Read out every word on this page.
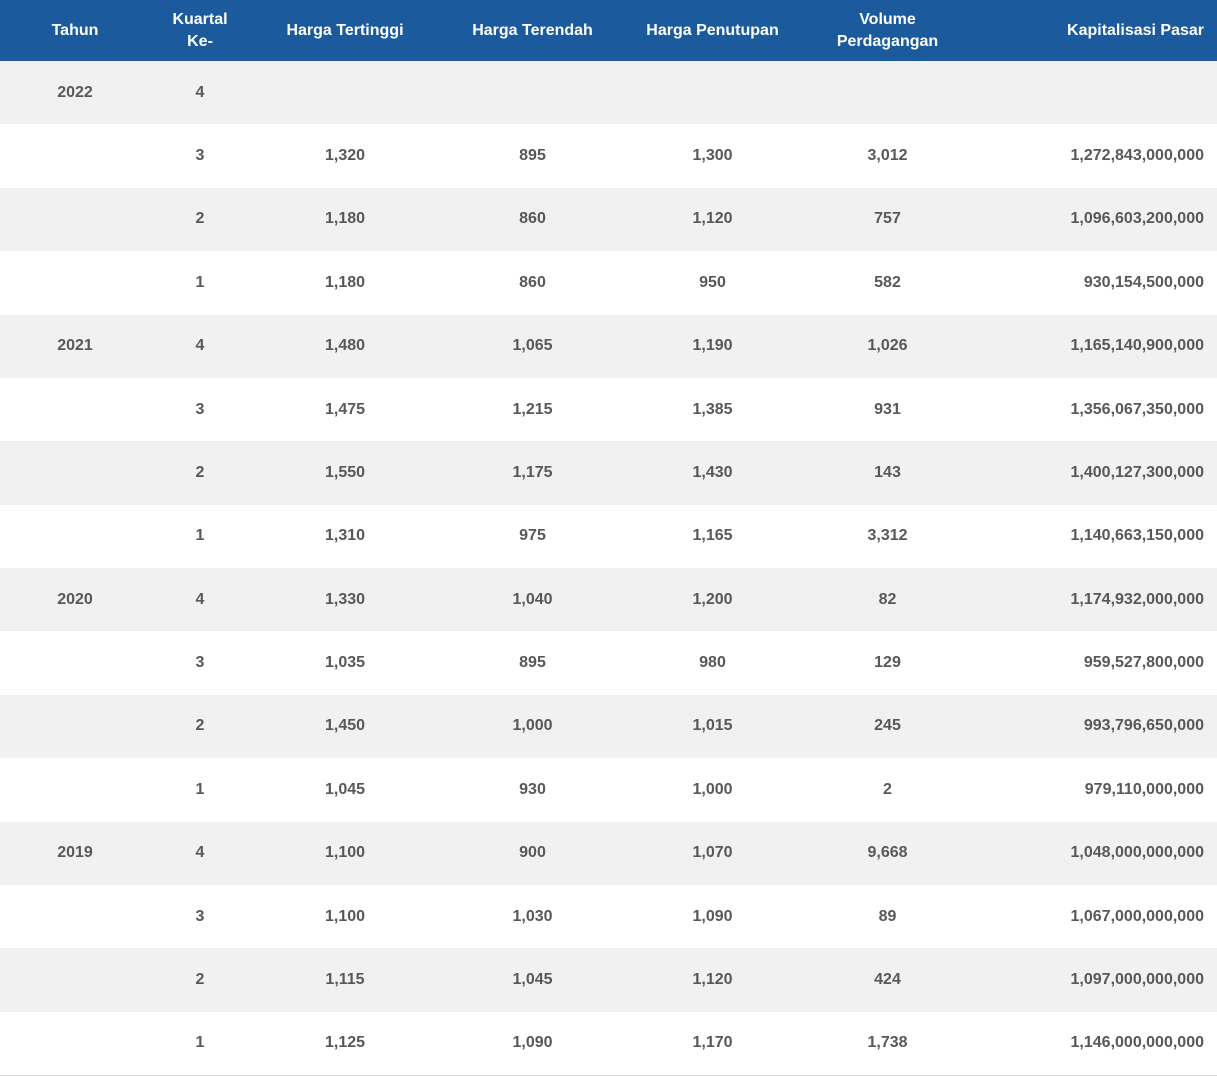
Tahun	Kuartal Ke-	Harga Tertinggi	Harga Terendah	Harga Penutupan	Volume Perdagangan	Kapitalisasi Pasar
2022	4					
	3	1,320	895	1,300	3,012	1,272,843,000,000
	2	1,180	860	1,120	757	1,096,603,200,000
	1	1,180	860	950	582	930,154,500,000
2021	4	1,480	1,065	1,190	1,026	1,165,140,900,000
	3	1,475	1,215	1,385	931	1,356,067,350,000
	2	1,550	1,175	1,430	143	1,400,127,300,000
	1	1,310	975	1,165	3,312	1,140,663,150,000
2020	4	1,330	1,040	1,200	82	1,174,932,000,000
	3	1,035	895	980	129	959,527,800,000
	2	1,450	1,000	1,015	245	993,796,650,000
	1	1,045	930	1,000	2	979,110,000,000
2019	4	1,100	900	1,070	9,668	1,048,000,000,000
	3	1,100	1,030	1,090	89	1,067,000,000,000
	2	1,115	1,045	1,120	424	1,097,000,000,000
	1	1,125	1,090	1,170	1,738	1,146,000,000,000
